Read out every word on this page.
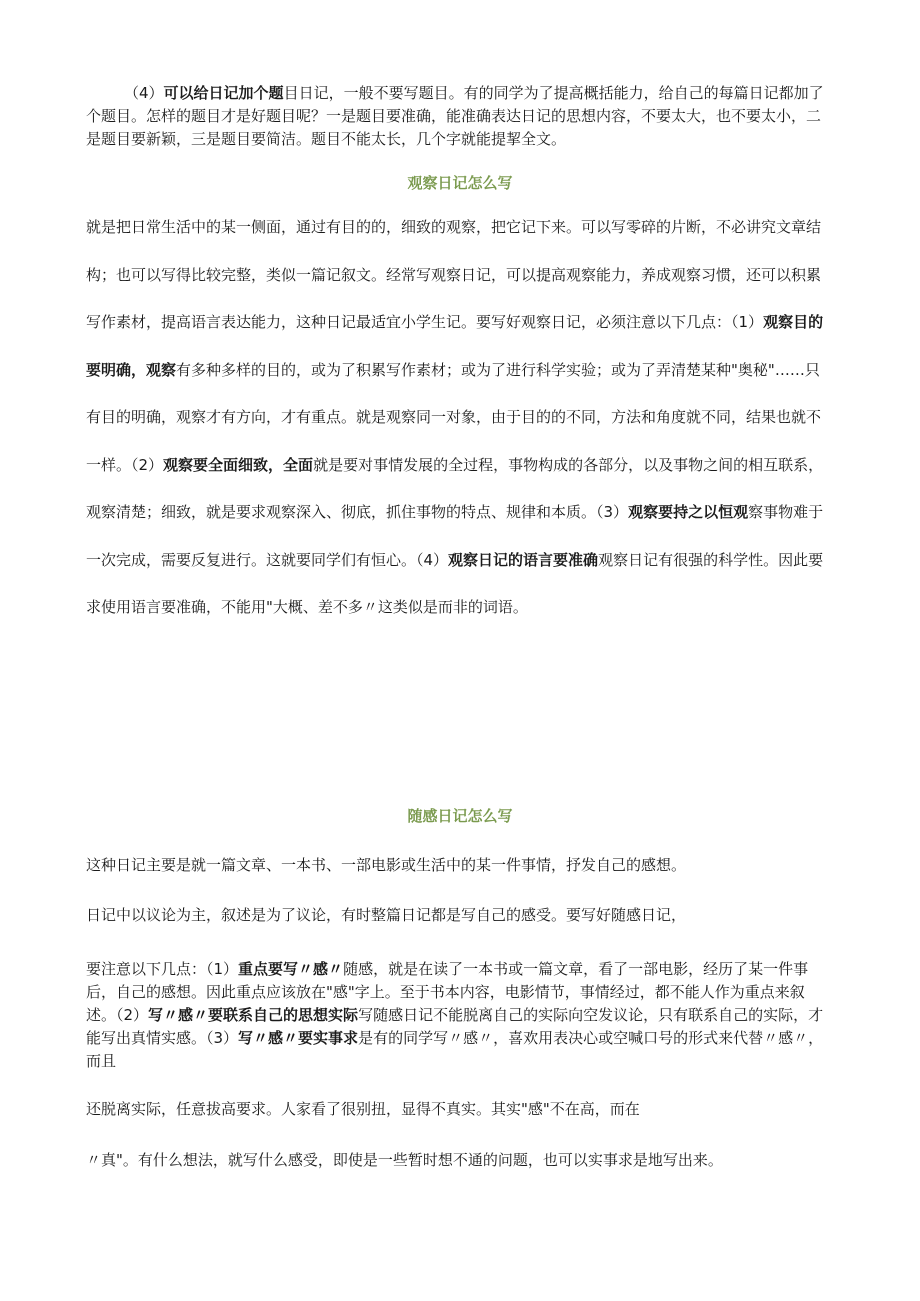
（4）可以给日记加个题目日记，一般不要写题目。有的同学为了提高概括能力，给自己的每篇日记都加了个题目。怎样的题目才是好题目呢？一是题目要准确，能准确表达日记的思想内容，不要太大，也不要太小，二是题目要新颖，三是题目要简洁。题目不能太长，几个字就能提挈全文。

观察日记怎么写

就是把日常生活中的某一侧面，通过有目的的，细致的观察，把它记下来。可以写零碎的片断，不必讲究文章结构；也可以写得比较完整，类似一篇记叙文。经常写观察日记，可以提高观察能力，养成观察习惯，还可以积累写作素材，提高语言表达能力，这种日记最适宜小学生记。要写好观察日记，必须注意以下几点：（1）观察目的要明确，观察有多种多样的目的，或为了积累写作素材；或为了进行科学实验；或为了弄清楚某种"奥秘"……只有目的明确，观察才有方向，才有重点。就是观察同一对象，由于目的的不同，方法和角度就不同，结果也就不一样。（2）观察要全面细致，全面就是要对事情发展的全过程，事物构成的各部分，以及事物之间的相互联系，观察清楚；细致，就是要求观察深入、彻底，抓住事物的特点、规律和本质。（3）观察要持之以恒观察事物难于一次完成，需要反复进行。这就要同学们有恒心。（4）观察日记的语言要准确观察日记有很强的科学性。因此要求使用语言要准确，不能用"大概、差不多〃这类似是而非的词语。

随感日记怎么写

这种日记主要是就一篇文章、一本书、一部电影或生活中的某一件事情，抒发自己的感想。

日记中以议论为主，叙述是为了议论，有时整篇日记都是写自己的感受。要写好随感日记，

要注意以下几点：（1）重点要写〃感〃随感，就是在读了一本书或一篇文章，看了一部电影，经历了某一件事后，自己的感想。因此重点应该放在"感"字上。至于书本内容，电影情节，事情经过，都不能人作为重点来叙述。（2）写〃感〃要联系自己的思想实际写随感日记不能脱离自己的实际向空发议论，只有联系自己的实际，才能写出真情实感。（3）写〃感〃要实事求是有的同学写〃感〃，喜欢用表决心或空喊口号的形式来代替〃感〃，而且

还脱离实际，任意拔高要求。人家看了很别扭，显得不真实。其实"感"不在高，而在

〃真"。有什么想法，就写什么感受，即使是一些暂时想不通的问题，也可以实事求是地写出来。
